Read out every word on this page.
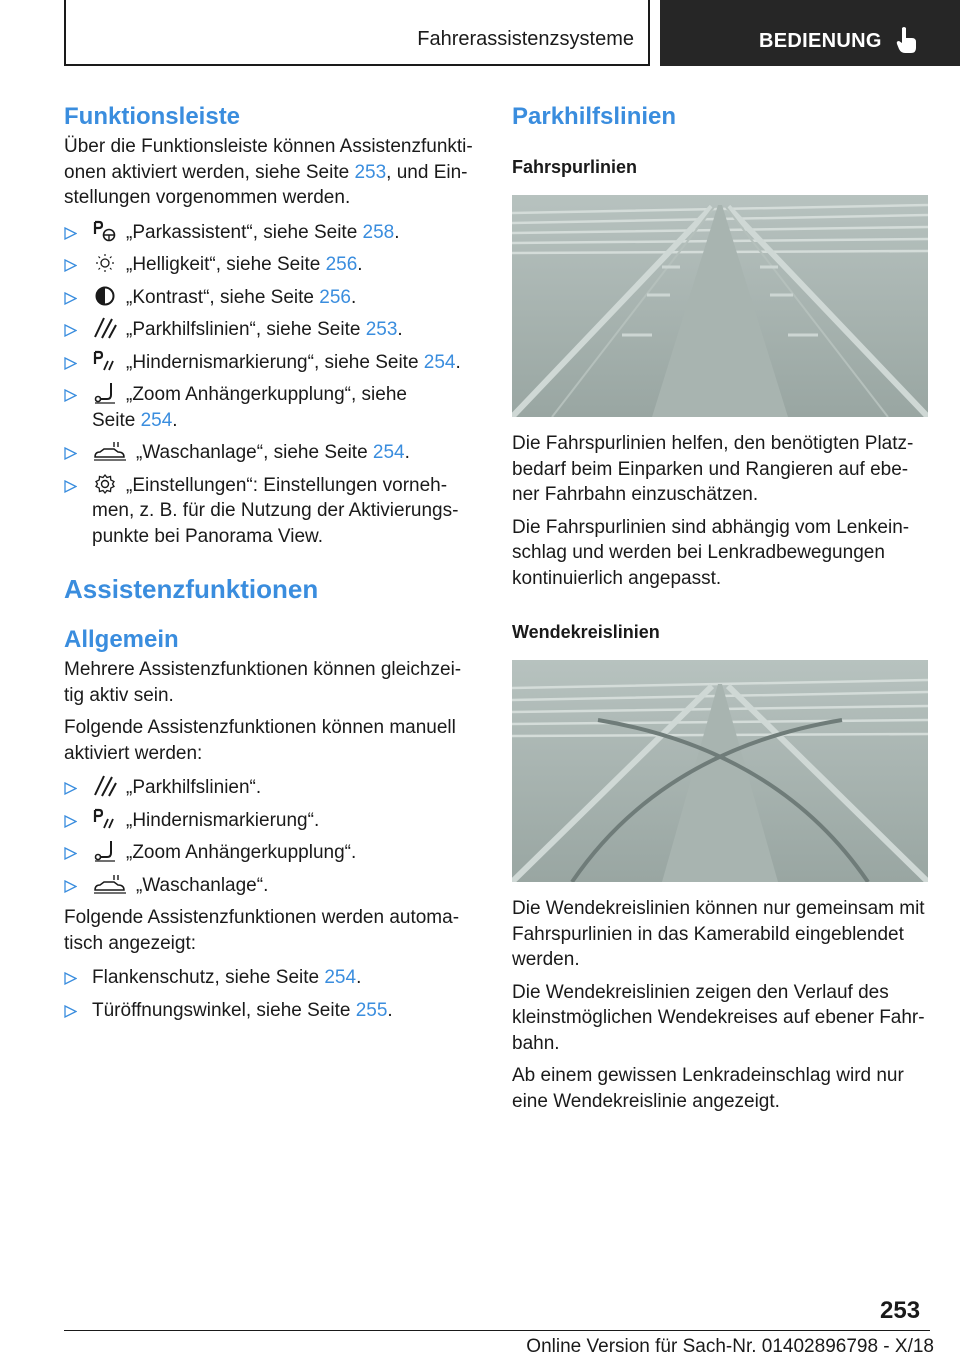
Fahrerassistenzsysteme	BEDIENUNG
Funktionsleiste

Über die Funktionsleiste können Assistenzfunkti-
onen aktiviert werden, siehe Seite 253, und Ein-
stellungen vorgenommen werden.

„Parkassistent“, siehe Seite 258.
„Helligkeit“, siehe Seite 256.
„Kontrast“, siehe Seite 256.
„Parkhilfslinien“, siehe Seite 253.
„Hindernismarkierung“, siehe Seite 254.
„Zoom Anhängerkupplung“, siehe
Seite 254.
„Waschanlage“, siehe Seite 254.
„Einstellungen“: Einstellungen vorneh-
men, z. B. für die Nutzung der Aktivierungs-
punkte bei Panorama View.
Assistenzfunktionen
Allgemein

Mehrere Assistenzfunktionen können gleichzei-
tig aktiv sein.

Folgende Assistenzfunktionen können manuell
aktiviert werden:

„Parkhilfslinien“.
„Hindernismarkierung“.
„Zoom Anhängerkupplung“.
„Waschanlage“.

Folgende Assistenzfunktionen werden automa-
tisch angezeigt:

Flankenschutz, siehe Seite 254.
Türöffnungswinkel, siehe Seite 255.
Parkhilfslinien
Fahrspurlinien

Die Fahrspurlinien helfen, den benötigten Platz-
bedarf beim Einparken und Rangieren auf ebe-
ner Fahrbahn einzuschätzen.

Die Fahrspurlinien sind abhängig vom Lenkein-
schlag und werden bei Lenkradbewegungen
kontinuierlich angepasst.

Wendekreislinien

Die Wendekreislinien können nur gemeinsam mit
Fahrspurlinien in das Kamerabild eingeblendet
werden.

Die Wendekreislinien zeigen den Verlauf des
kleinstmöglichen Wendekreises auf ebener Fahr-
bahn.

Ab einem gewissen Lenkradeinschlag wird nur
eine Wendekreislinie angezeigt.

253
Online Version für Sach-Nr. 01402896798 - X/18
